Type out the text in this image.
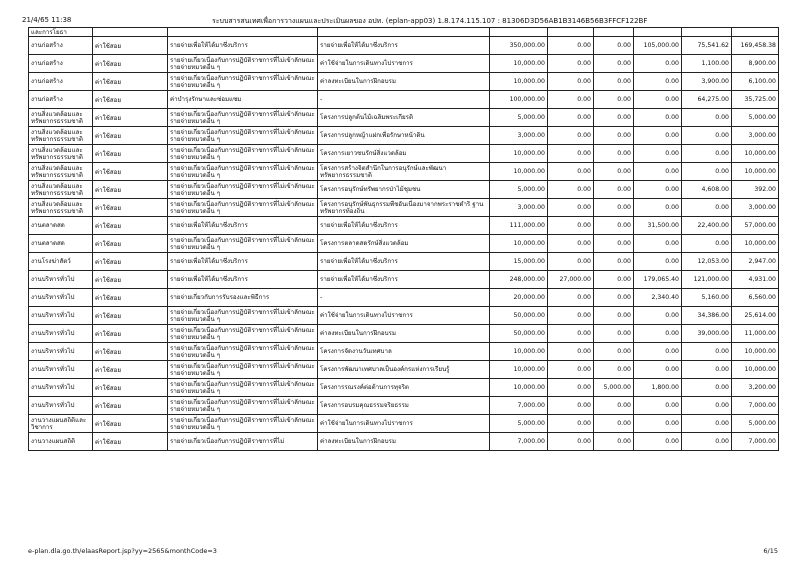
21/4/65 11:38	ระบบสารสนเทศเพื่อการวางแผนและประเมินผลของ อปท. (eplan-app03) 1.8.174.115.107 : 81306D3D56AB1B3146B56B3FFCF122BF
และการโยธา									
งานก่อสร้าง	ค่าใช้สอย	รายจ่ายเพื่อให้ได้มาซึ่งบริการ	รายจ่ายเพื่อให้ได้มาซึ่งบริการ	350,000.00	0.00	0.00	105,000.00	75,541.62	169,458.38
งานก่อสร้าง	ค่าใช้สอย	รายจ่ายเกี่ยวเนื่องกับการปฏิบัติราชการที่ไม่เข้าลักษณะรายจ่ายหมวดอื่น ๆ	ค่าใช้จ่ายในการเดินทางไปราชการ	10,000.00	0.00	0.00	0.00	1,100.00	8,900.00
งานก่อสร้าง	ค่าใช้สอย	รายจ่ายเกี่ยวเนื่องกับการปฏิบัติราชการที่ไม่เข้าลักษณะรายจ่ายหมวดอื่น ๆ	ค่าลงทะเบียนในการฝึกอบรม	10,000.00	0.00	0.00	0.00	3,900.00	6,100.00
งานก่อสร้าง	ค่าใช้สอย	ค่าบำรุงรักษาและซ่อมแซม	-	100,000.00	0.00	0.00	0.00	64,275.00	35,725.00
งานสิ่งแวดล้อมและทรัพยากรธรรมชาติ	ค่าใช้สอย	รายจ่ายเกี่ยวเนื่องกับการปฏิบัติราชการที่ไม่เข้าลักษณะรายจ่ายหมวดอื่น ๆ	โครงการปลูกต้นไม้เฉลิมพระเกียรติ	5,000.00	0.00	0.00	0.00	0.00	5,000.00
งานสิ่งแวดล้อมและทรัพยากรธรรมชาติ	ค่าใช้สอย	รายจ่ายเกี่ยวเนื่องกับการปฏิบัติราชการที่ไม่เข้าลักษณะรายจ่ายหมวดอื่น ๆ	โครงการปลูกหญ้าแฝกเพื่อรักษาหน้าดิน	3,000.00	0.00	0.00	0.00	0.00	3,000.00
งานสิ่งแวดล้อมและทรัพยากรธรรมชาติ	ค่าใช้สอย	รายจ่ายเกี่ยวเนื่องกับการปฏิบัติราชการที่ไม่เข้าลักษณะรายจ่ายหมวดอื่น ๆ	โครงการเยาวชนรักษ์สิ่งแวดล้อม	10,000.00	0.00	0.00	0.00	0.00	10,000.00
งานสิ่งแวดล้อมและทรัพยากรธรรมชาติ	ค่าใช้สอย	รายจ่ายเกี่ยวเนื่องกับการปฏิบัติราชการที่ไม่เข้าลักษณะรายจ่ายหมวดอื่น ๆ	โครงการสร้างจิตสำนึกในการอนุรักษ์และพัฒนาทรัพยากรธรรมชาติ	10,000.00	0.00	0.00	0.00	0.00	10,000.00
งานสิ่งแวดล้อมและทรัพยากรธรรมชาติ	ค่าใช้สอย	รายจ่ายเกี่ยวเนื่องกับการปฏิบัติราชการที่ไม่เข้าลักษณะรายจ่ายหมวดอื่น ๆ	โครงการอนุรักษ์ทรัพยากรป่าไม้ชุมชน	5,000.00	0.00	0.00	0.00	4,608.00	392.00
งานสิ่งแวดล้อมและทรัพยากรธรรมชาติ	ค่าใช้สอย	รายจ่ายเกี่ยวเนื่องกับการปฏิบัติราชการที่ไม่เข้าลักษณะรายจ่ายหมวดอื่น ๆ	โครงการอนุรักษ์พันธุกรรมพืชอันเนื่องมาจากพระราชดำริ ฐานทรัพยากรท้องถิ่น	3,000.00	0.00	0.00	0.00	0.00	3,000.00
งานตลาดสด	ค่าใช้สอย	รายจ่ายเพื่อให้ได้มาซึ่งบริการ	รายจ่ายเพื่อให้ได้มาซึ่งบริการ	111,000.00	0.00	0.00	31,500.00	22,400.00	57,000.00
งานตลาดสด	ค่าใช้สอย	รายจ่ายเกี่ยวเนื่องกับการปฏิบัติราชการที่ไม่เข้าลักษณะรายจ่ายหมวดอื่น ๆ	โครงการตลาดสดรักษ์สิ่งแวดล้อม	10,000.00	0.00	0.00	0.00	0.00	10,000.00
งานโรงฆ่าสัตว์	ค่าใช้สอย	รายจ่ายเพื่อให้ได้มาซึ่งบริการ	รายจ่ายเพื่อให้ได้มาซึ่งบริการ	15,000.00	0.00	0.00	0.00	12,053.00	2,947.00
งานบริหารทั่วไป	ค่าใช้สอย	รายจ่ายเพื่อให้ได้มาซึ่งบริการ	รายจ่ายเพื่อให้ได้มาซึ่งบริการ	248,000.00	27,000.00	0.00	179,065.40	121,000.00	4,931.00
งานบริหารทั่วไป	ค่าใช้สอย	รายจ่ายเกี่ยวกับการรับรองและพิธีการ	-	20,000.00	0.00	0.00	2,340.40	5,160.00	6,560.00
งานบริหารทั่วไป	ค่าใช้สอย	รายจ่ายเกี่ยวเนื่องกับการปฏิบัติราชการที่ไม่เข้าลักษณะรายจ่ายหมวดอื่น ๆ	ค่าใช้จ่ายในการเดินทางไปราชการ	50,000.00	0.00	0.00	0.00	34,386.00	25,614.00
งานบริหารทั่วไป	ค่าใช้สอย	รายจ่ายเกี่ยวเนื่องกับการปฏิบัติราชการที่ไม่เข้าลักษณะรายจ่ายหมวดอื่น ๆ	ค่าลงทะเบียนในการฝึกอบรม	50,000.00	0.00	0.00	0.00	39,000.00	11,000.00
งานบริหารทั่วไป	ค่าใช้สอย	รายจ่ายเกี่ยวเนื่องกับการปฏิบัติราชการที่ไม่เข้าลักษณะรายจ่ายหมวดอื่น ๆ	โครงการจัดงานวันเทศบาล	10,000.00	0.00	0.00	0.00	0.00	10,000.00
งานบริหารทั่วไป	ค่าใช้สอย	รายจ่ายเกี่ยวเนื่องกับการปฏิบัติราชการที่ไม่เข้าลักษณะรายจ่ายหมวดอื่น ๆ	โครงการพัฒนาเทศบาลเป็นองค์กรแห่งการเรียนรู้	10,000.00	0.00	0.00	0.00	0.00	10,000.00
งานบริหารทั่วไป	ค่าใช้สอย	รายจ่ายเกี่ยวเนื่องกับการปฏิบัติราชการที่ไม่เข้าลักษณะรายจ่ายหมวดอื่น ๆ	โครงการรณรงค์ต่อต้านการทุจริต	10,000.00	0.00	5,000.00	1,800.00	0.00	3,200.00
งานบริหารทั่วไป	ค่าใช้สอย	รายจ่ายเกี่ยวเนื่องกับการปฏิบัติราชการที่ไม่เข้าลักษณะรายจ่ายหมวดอื่น ๆ	โครงการอบรมคุณธรรมจริยธรรม	7,000.00	0.00	0.00	0.00	0.00	7,000.00
งานวางแผนสถิติและวิชาการ	ค่าใช้สอย	รายจ่ายเกี่ยวเนื่องกับการปฏิบัติราชการที่ไม่เข้าลักษณะรายจ่ายหมวดอื่น ๆ	ค่าใช้จ่ายในการเดินทางไปราชการ	5,000.00	0.00	0.00	0.00	0.00	5,000.00
งานวางแผนสถิติ	ค่าใช้สอย	รายจ่ายเกี่ยวเนื่องกับการปฏิบัติราชการที่ไม่	ค่าลงทะเบียนในการฝึกอบรม	7,000.00	0.00	0.00	0.00	0.00	7,000.00
e-plan.dla.go.th/elaasReport.jsp?yy=2565&monthCode=3	6/15
